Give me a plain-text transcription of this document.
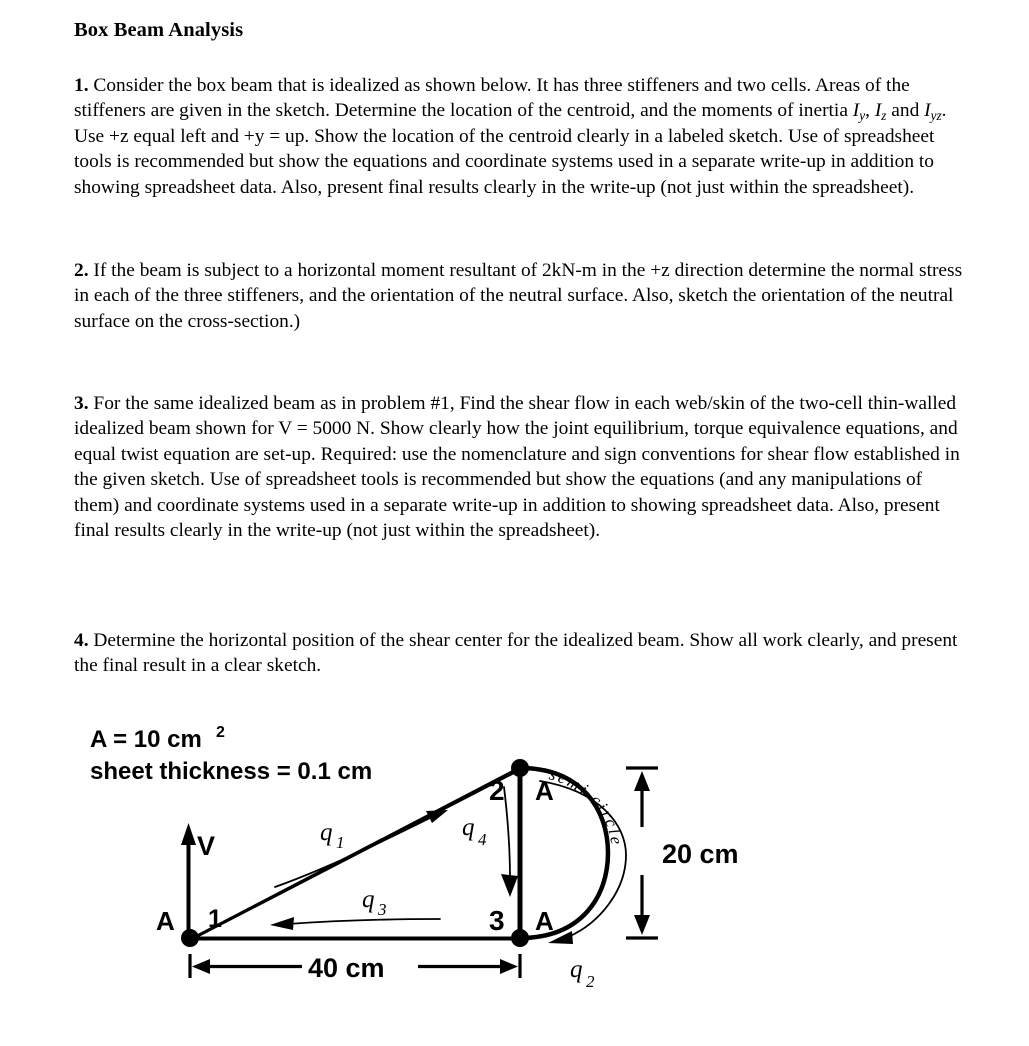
Box Beam Analysis
1. Consider the box beam that is idealized as shown below. It has three stiffeners and two cells. Areas of the stiffeners are given in the sketch. Determine the location of the centroid, and the moments of inertia $I_y$, $I_z$ and $I_{yz}$. Use +z equal left and +y = up. Show the location of the centroid clearly in a labeled sketch. Use of spreadsheet tools is recommended but show the equations and coordinate systems used in a separate write-up in addition to showing spreadsheet data. Also, present final results clearly in the write-up (not just within the spreadsheet).
2. If the beam is subject to a horizontal moment resultant of 2kN-m in the +z direction determine the normal stress in each of the three stiffeners, and the orientation of the neutral surface. Also, sketch the orientation of the neutral surface on the cross-section.)
3. For the same idealized beam as in problem #1, Find the shear flow in each web/skin of the two-cell thin-walled idealized beam shown for V = 5000 N. Show clearly how the joint equilibrium, torque equivalence equations, and equal twist equation are set-up. Required: use the nomenclature and sign conventions for shear flow established in the given sketch. Use of spreadsheet tools is recommended but show the equations (and any manipulations of them) and coordinate systems used in a separate write-up in addition to showing spreadsheet data. Also, present final results clearly in the write-up (not just within the spreadsheet).
4. Determine the horizontal position of the shear center for the idealized beam. Show all work clearly, and present the final result in a clear sketch.
A = 10 cm 2
sheet thickness = 0.1 cm
1
2
3
A
A
A
V	q 1
q 3
q 4
q 2
semi circle
40 cm
20 cm
